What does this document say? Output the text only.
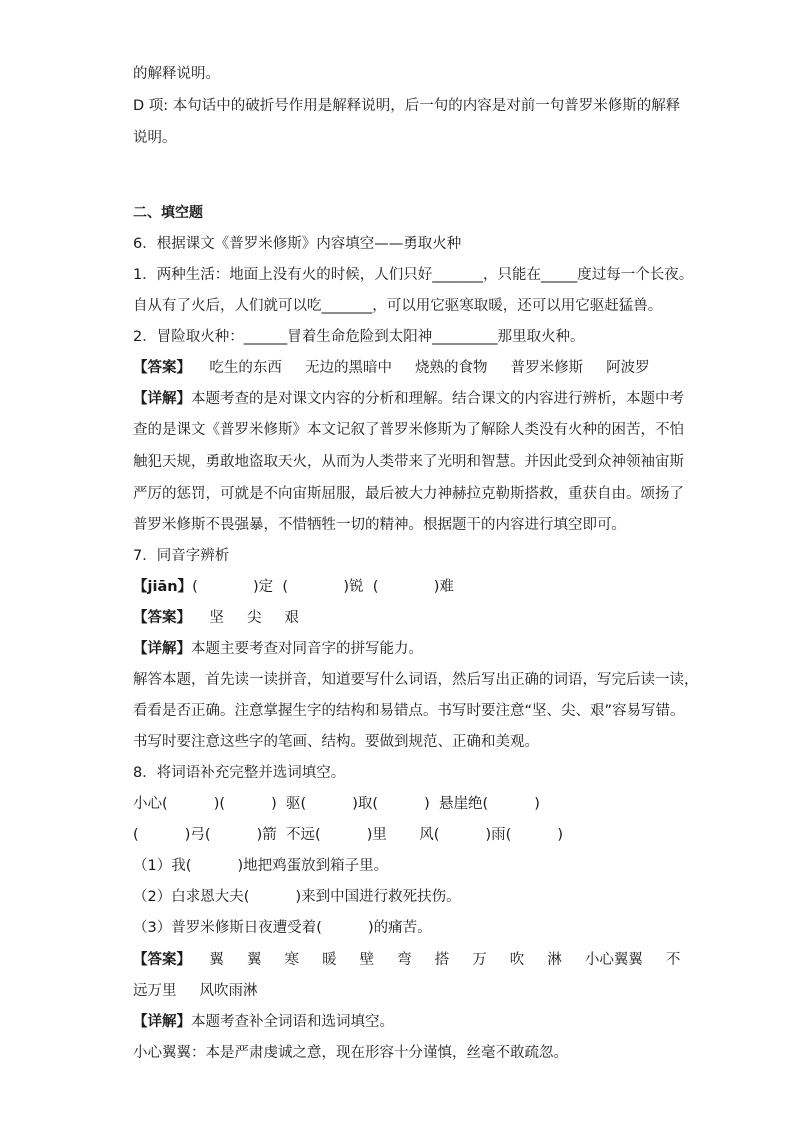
的解释说明。
D 项: 本句话中的破折号作用是解释说明，后一句的内容是对前一句普罗米修斯的解释
说明。
二、填空题
6．根据课文《普罗米修斯》内容填空——勇取火种
1．两种生活：地面上没有火的时候，人们只好_______，只能在_____度过每一个长夜。
自从有了火后，人们就可以吃_______，可以用它驱寒取暖，还可以用它驱赶猛兽。
2．冒险取火种：______冒着生命危险到太阳神_________那里取火种。
【答案】    吃生的东西     无边的黑暗中     烧熟的食物     普罗米修斯     阿波罗
【详解】本题考查的是对课文内容的分析和理解。结合课文的内容进行辨析，本题中考
查的是课文《普罗米修斯》本文记叙了普罗米修斯为了解除人类没有火种的困苦，不怕
触犯天规，勇敢地盗取天火，从而为人类带来了光明和智慧。并因此受到众神领袖宙斯
严厉的惩罚，可就是不向宙斯屈服，最后被大力神赫拉克勒斯搭救，重获自由。颂扬了
普罗米修斯不畏强暴，不惜牺牲一切的精神。根据题干的内容进行填空即可。
7．同音字辨析
【jiān】(            )定  (            )锐  (            )难
【答案】    坚     尖     艰
【详解】本题主要考查对同音字的拼写能力。
解答本题，首先读一读拼音，知道要写什么词语，然后写出正确的词语，写完后读一读，
看看是否正确。注意掌握生字的结构和易错点。书写时要注意“坚、尖、艰”容易写错。
书写时要注意这些字的笔画、结构。要做到规范、正确和美观。
8．将词语补充完整并选词填空。
小心(          )(          )  驱(          )取(          )  悬崖绝(          )
(          )弓(          )箭  不远(          )里       风(          )雨(          )
（1）我(          )地把鸡蛋放到箱子里。
（2）白求恩大夫(          )来到中国进行救死扶伤。
（3）普罗米修斯日夜遭受着(          )的痛苦。
【答案】    翼     翼     寒     暖     壁     弯     搭     万     吹     淋     小心翼翼     不
远万里     风吹雨淋
【详解】本题考查补全词语和选词填空。
小心翼翼：本是严肃虔诚之意，现在形容十分谨慎，丝毫不敢疏忽。
